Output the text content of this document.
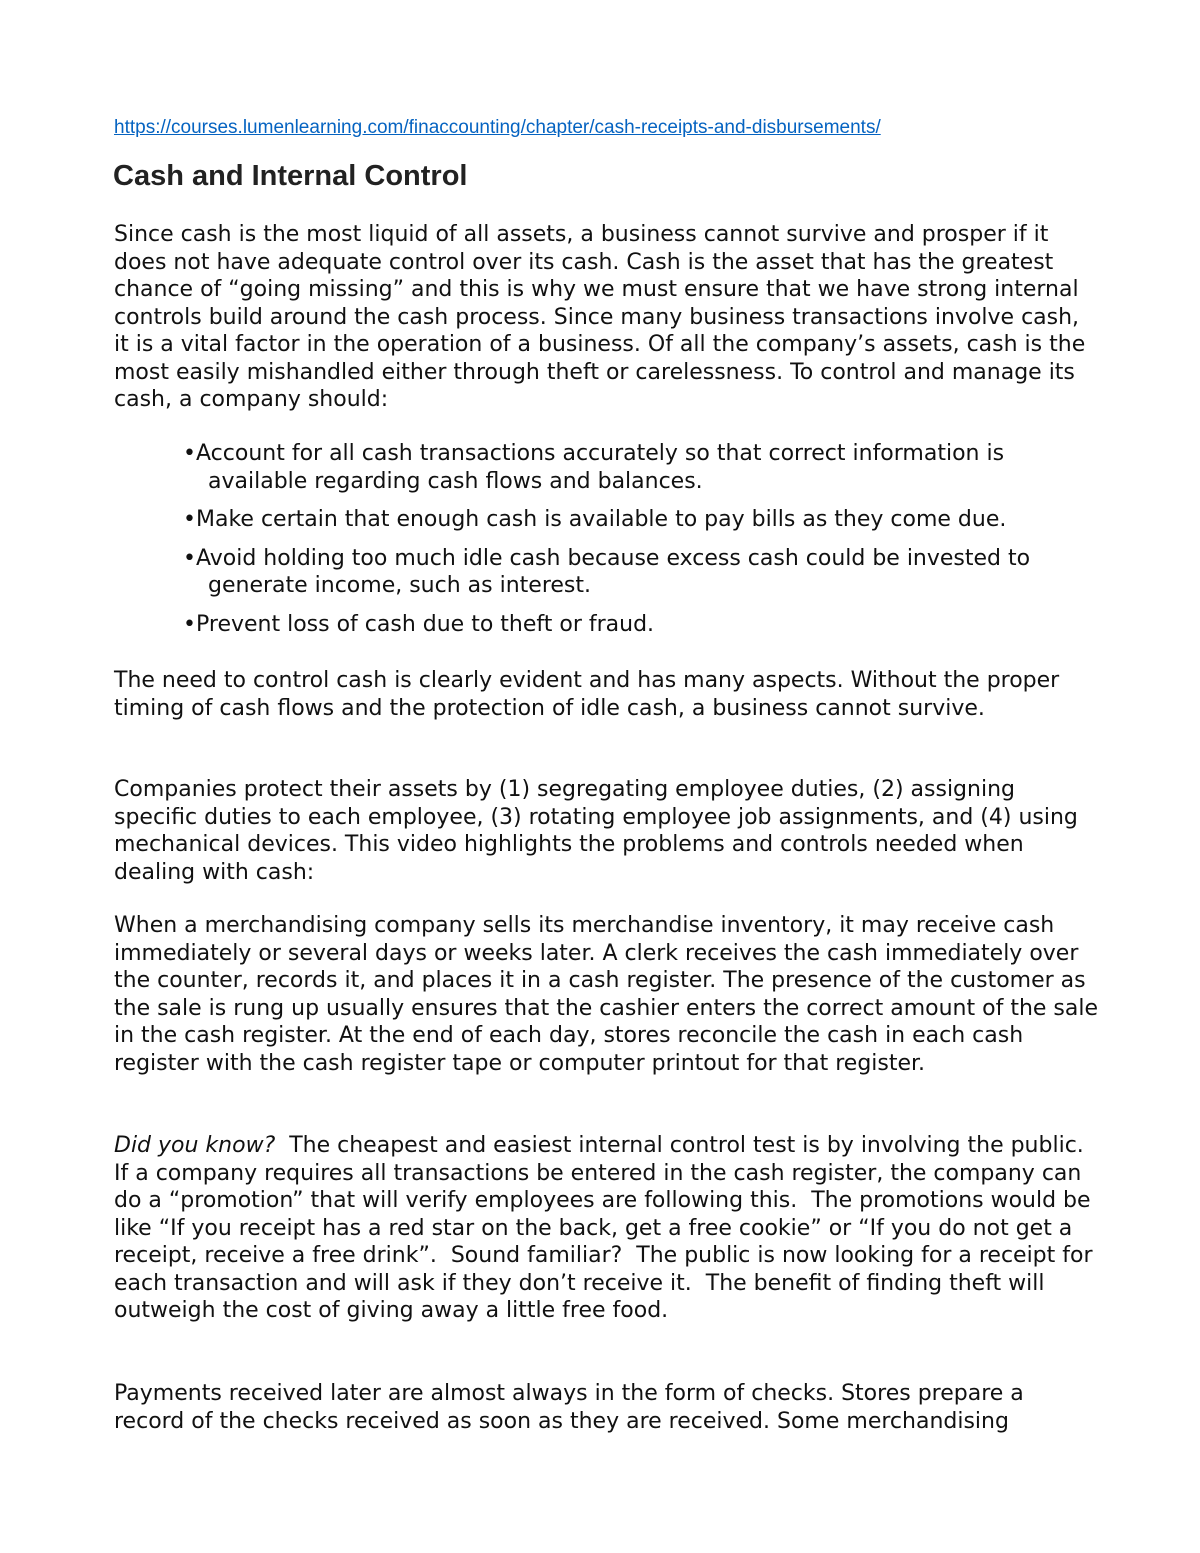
https://courses.lumenlearning.com/finaccounting/chapter/cash-receipts-and-disbursements/
Cash and Internal Control

Since cash is the most liquid of all assets, a business cannot survive and prosper if it does not have adequate control over its cash. Cash is the asset that has the greatest chance of “going missing” and this is why we must ensure that we have strong internal controls build around the cash process. Since many business transactions involve cash, it is a vital factor in the operation of a business. Of all the company’s assets, cash is the most easily mishandled either through theft or carelessness. To control and manage its cash, a company should:

•Account for all cash transactions accurately so that correct information is available regarding cash flows and balances.
•Make certain that enough cash is available to pay bills as they come due.
•Avoid holding too much idle cash because excess cash could be invested to generate income, such as interest.
•Prevent loss of cash due to theft or fraud.

The need to control cash is clearly evident and has many aspects. Without the proper timing of cash flows and the protection of idle cash, a business cannot survive.

Companies protect their assets by (1) segregating employee duties, (2) assigning specific duties to each employee, (3) rotating employee job assignments, and (4) using mechanical devices. This video highlights the problems and controls needed when dealing with cash:

When a merchandising company sells its merchandise inventory, it may receive cash immediately or several days or weeks later. A clerk receives the cash immediately over the counter, records it, and places it in a cash register. The presence of the customer as the sale is rung up usually ensures that the cashier enters the correct amount of the sale in the cash register. At the end of each day, stores reconcile the cash in each cash register with the cash register tape or computer printout for that register.

Did you know?  The cheapest and easiest internal control test is by involving the public.  If a company requires all transactions be entered in the cash register, the company can do a “promotion” that will verify employees are following this.  The promotions would be like “If you receipt has a red star on the back, get a free cookie” or “If you do not get a receipt, receive a free drink”.  Sound familiar?  The public is now looking for a receipt for each transaction and will ask if they don’t receive it.  The benefit of finding theft will outweigh the cost of giving away a little free food.

Payments received later are almost always in the form of checks. Stores prepare a record of the checks received as soon as they are received. Some merchandising
